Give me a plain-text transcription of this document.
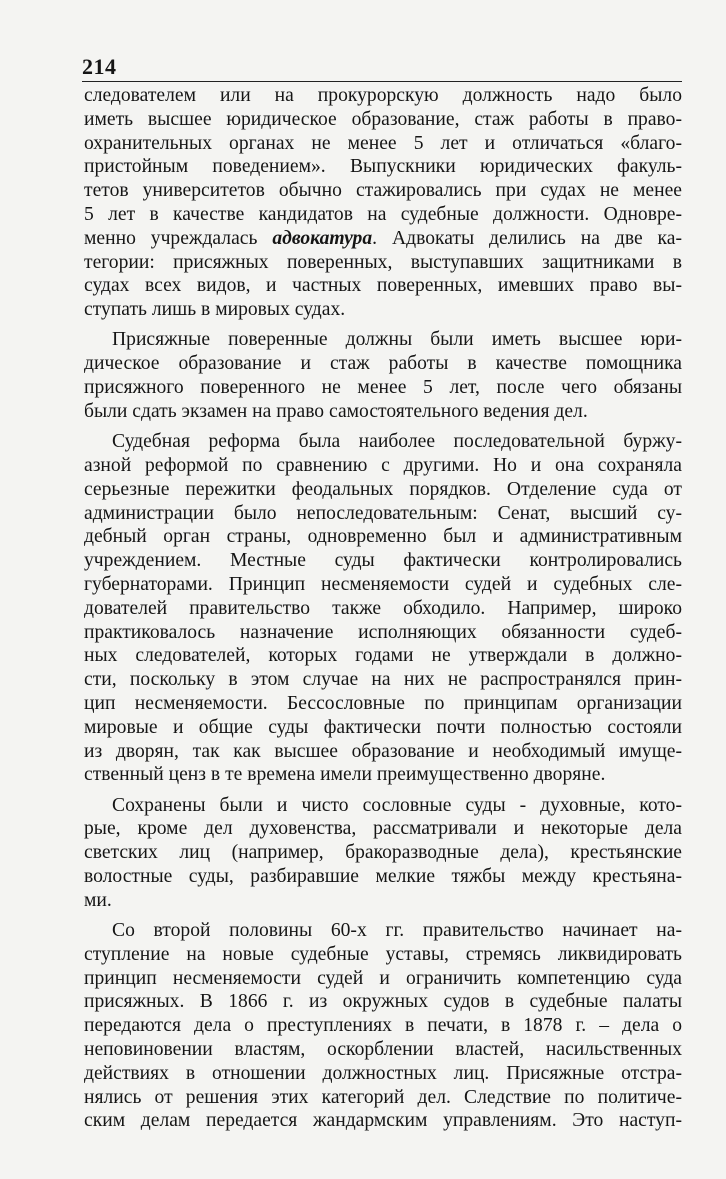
214
следователем или на прокурорскую должность надо было
иметь высшее юридическое образование, стаж работы в право-
охранительных органах не менее 5 лет и отличаться «благо-
пристойным поведением». Выпускники юридических факуль-
тетов университетов обычно стажировались при судах не менее
5 лет в качестве кандидатов на судебные должности. Одновре-
менно учреждалась адвокатура. Адвокаты делились на две ка-
тегории: присяжных поверенных, выступавших защитниками в
судах всех видов, и частных поверенных, имевших право вы-
ступать лишь в мировых судах.
Присяжные поверенные должны были иметь высшее юри-
дическое образование и стаж работы в качестве помощника
присяжного поверенного не менее 5 лет, после чего обязаны
были сдать экзамен на право самостоятельного ведения дел.
Судебная реформа была наиболее последовательной буржу-
азной реформой по сравнению с другими. Но и она сохраняла
серьезные пережитки феодальных порядков. Отделение суда от
администрации было непоследовательным: Сенат, высший су-
дебный орган страны, одновременно был и административным
учреждением. Местные суды фактически контролировались
губернаторами. Принцип несменяемости судей и судебных сле-
дователей правительство также обходило. Например, широко
практиковалось назначение исполняющих обязанности судеб-
ных следователей, которых годами не утверждали в должно-
сти, поскольку в этом случае на них не распространялся прин-
цип несменяемости. Бессословные по принципам организации
мировые и общие суды фактически почти полностью состояли
из дворян, так как высшее образование и необходимый имуще-
ственный ценз в те времена имели преимущественно дворяне.
Сохранены были и чисто сословные суды - духовные, кото-
рые, кроме дел духовенства, рассматривали и некоторые дела
светских лиц (например, бракоразводные дела), крестьянские
волостные суды, разбиравшие мелкие тяжбы между крестьяна-
ми.
Со второй половины 60-х гг. правительство начинает на-
ступление на новые судебные уставы, стремясь ликвидировать
принцип несменяемости судей и ограничить компетенцию суда
присяжных. В 1866 г. из окружных судов в судебные палаты
передаются дела о преступлениях в печати, в 1878 г. – дела о
неповиновении властям, оскорблении властей, насильственных
действиях в отношении должностных лиц. Присяжные отстра-
нялись от решения этих категорий дел. Следствие по политиче-
ским делам передается жандармским управлениям. Это наступ-
